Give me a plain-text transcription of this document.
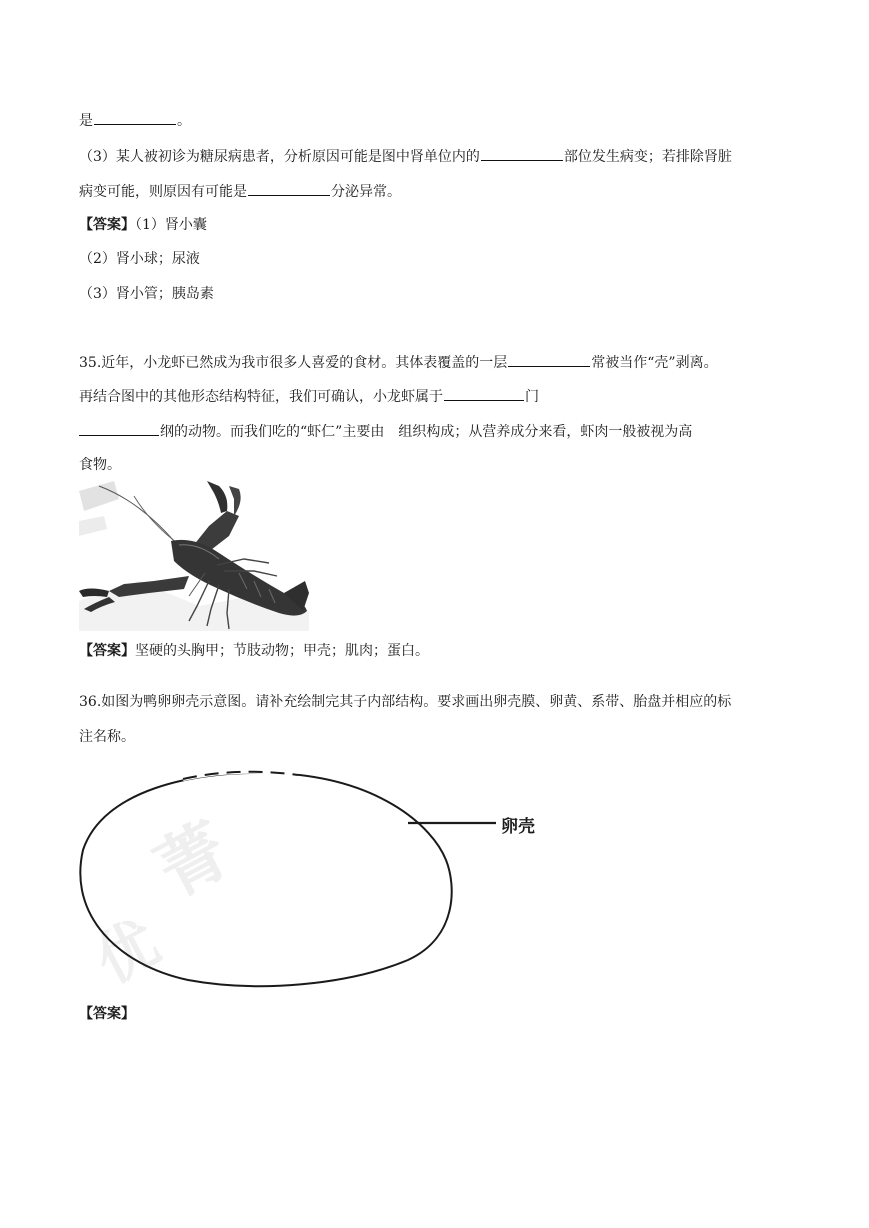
是	。
（3）某人被初诊为糖尿病患者，分析原因可能是图中肾单位内的	部位发生病变；若排除肾脏
病变可能，则原因有可能是	分泌异常。
【答案】（1）肾小囊
（2）肾小球；尿液
（3）肾小管；胰岛素
35.近年，小龙虾已然成为我市很多人喜爱的食材。其体表覆盖的一层	常被当作“壳”剥离。
再结合图中的其他形态结构特征，我们可确认，小龙虾属于	门
纲的动物。而我们吃的“虾仁”主要由　组织构成；从营养成分来看，虾肉一般被视为高
食物。
【答案】坚硬的头胸甲；节肢动物；甲壳；肌肉；蛋白。
36.如图为鸭卵卵壳示意图。请补充绘制完其子内部结构。要求画出卵壳膜、卵黄、系带、胎盘并相应的标
注名称。
菁
优
卵壳
【答案】
